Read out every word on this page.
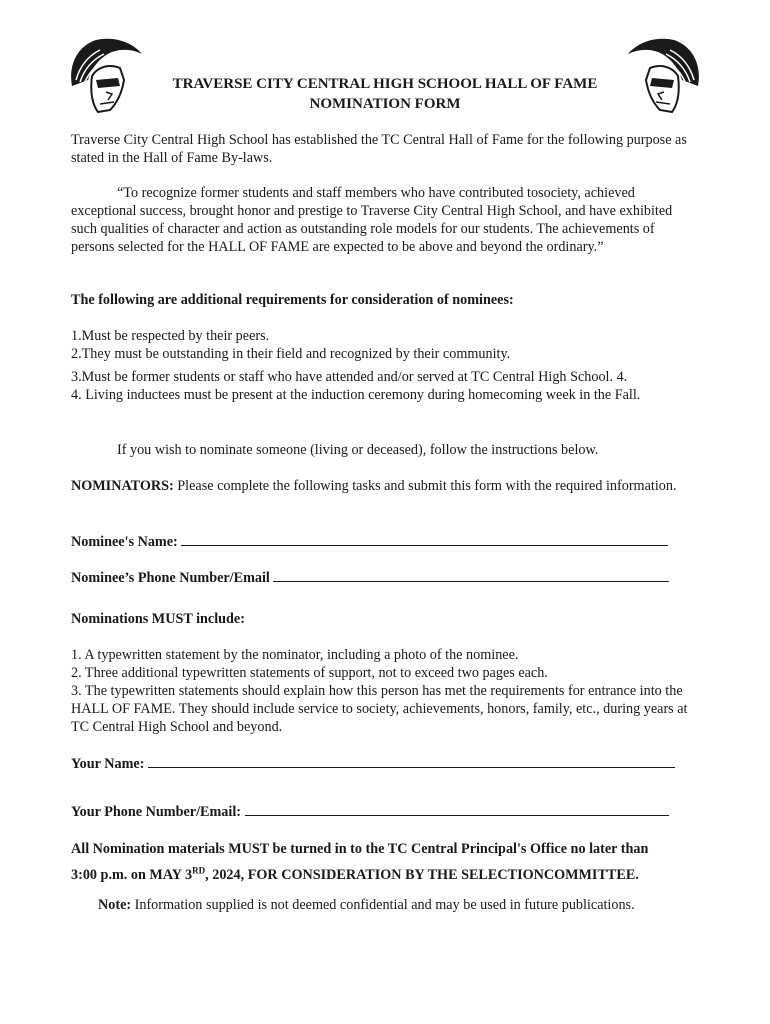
TRAVERSE CITY CENTRAL HIGH SCHOOL HALL OF FAME
NOMINATION FORM
Traverse City Central High School has established the TC Central Hall of Fame for the following purpose as stated in the Hall of Fame By-laws.
“To recognize former students and staff members who have contributed tosociety, achieved exceptional success, brought honor and prestige to Traverse City Central High School, and have exhibited such qualities of character and action as outstanding role models for our students. The achievements of persons selected for the HALL OF FAME are expected to be above and beyond the ordinary.”
The following are additional requirements for consideration of nominees:
1.Must be respected by their peers.
2.They must be outstanding in their field and recognized by their community.
3.Must be former students or staff who have attended and/or served at TC Central High School. 4.
4. Living inductees must be present at the induction ceremony during homecoming week in the Fall.
If you wish to nominate someone (living or deceased), follow the instructions below.
NOMINATORS: Please complete the following tasks and submit this form with the required information.
Nominee's Name:
Nominee’s Phone Number/Email
Nominations MUST include:
1. A typewritten statement by the nominator, including a photo of the nominee.
2. Three additional typewritten statements of support, not to exceed two pages each.
3. The typewritten statements should explain how this person has met the requirements for entrance into the HALL OF FAME. They should include service to society, achievements, honors, family, etc., during years at TC Central High School and beyond.
Your Name:
Your Phone Number/Email:
All Nomination materials MUST be turned in to the TC Central Principal's Office no later than
3:00 p.m. on MAY 3RD, 2024, FOR CONSIDERATION BY THE SELECTIONCOMMITTEE.
Note: Information supplied is not deemed confidential and may be used in future publications.
